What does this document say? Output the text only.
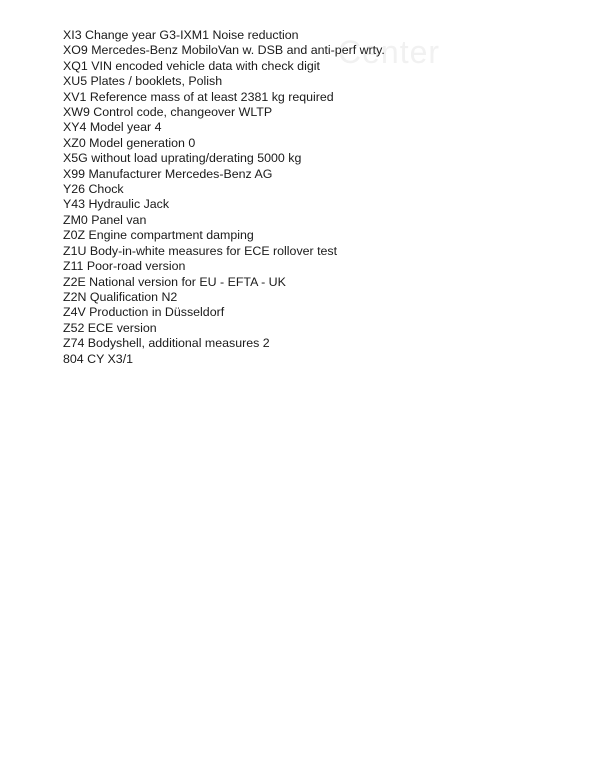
Center
XI3 Change year G3-IXM1 Noise reduction
XO9 Mercedes-Benz MobiloVan w. DSB and anti-perf wrty.
XQ1 VIN encoded vehicle data with check digit
XU5 Plates / booklets, Polish
XV1 Reference mass of at least 2381 kg required
XW9 Control code, changeover WLTP
XY4 Model year 4
XZ0 Model generation 0
X5G without load uprating/derating 5000 kg
X99 Manufacturer Mercedes-Benz AG
Y26 Chock
Y43 Hydraulic Jack
ZM0 Panel van
Z0Z Engine compartment damping
Z1U Body-in-white measures for ECE rollover test
Z11 Poor-road version
Z2E National version for EU - EFTA - UK
Z2N Qualification N2
Z4V Production in Düsseldorf
Z52 ECE version
Z74 Bodyshell, additional measures 2
804 CY X3/1
